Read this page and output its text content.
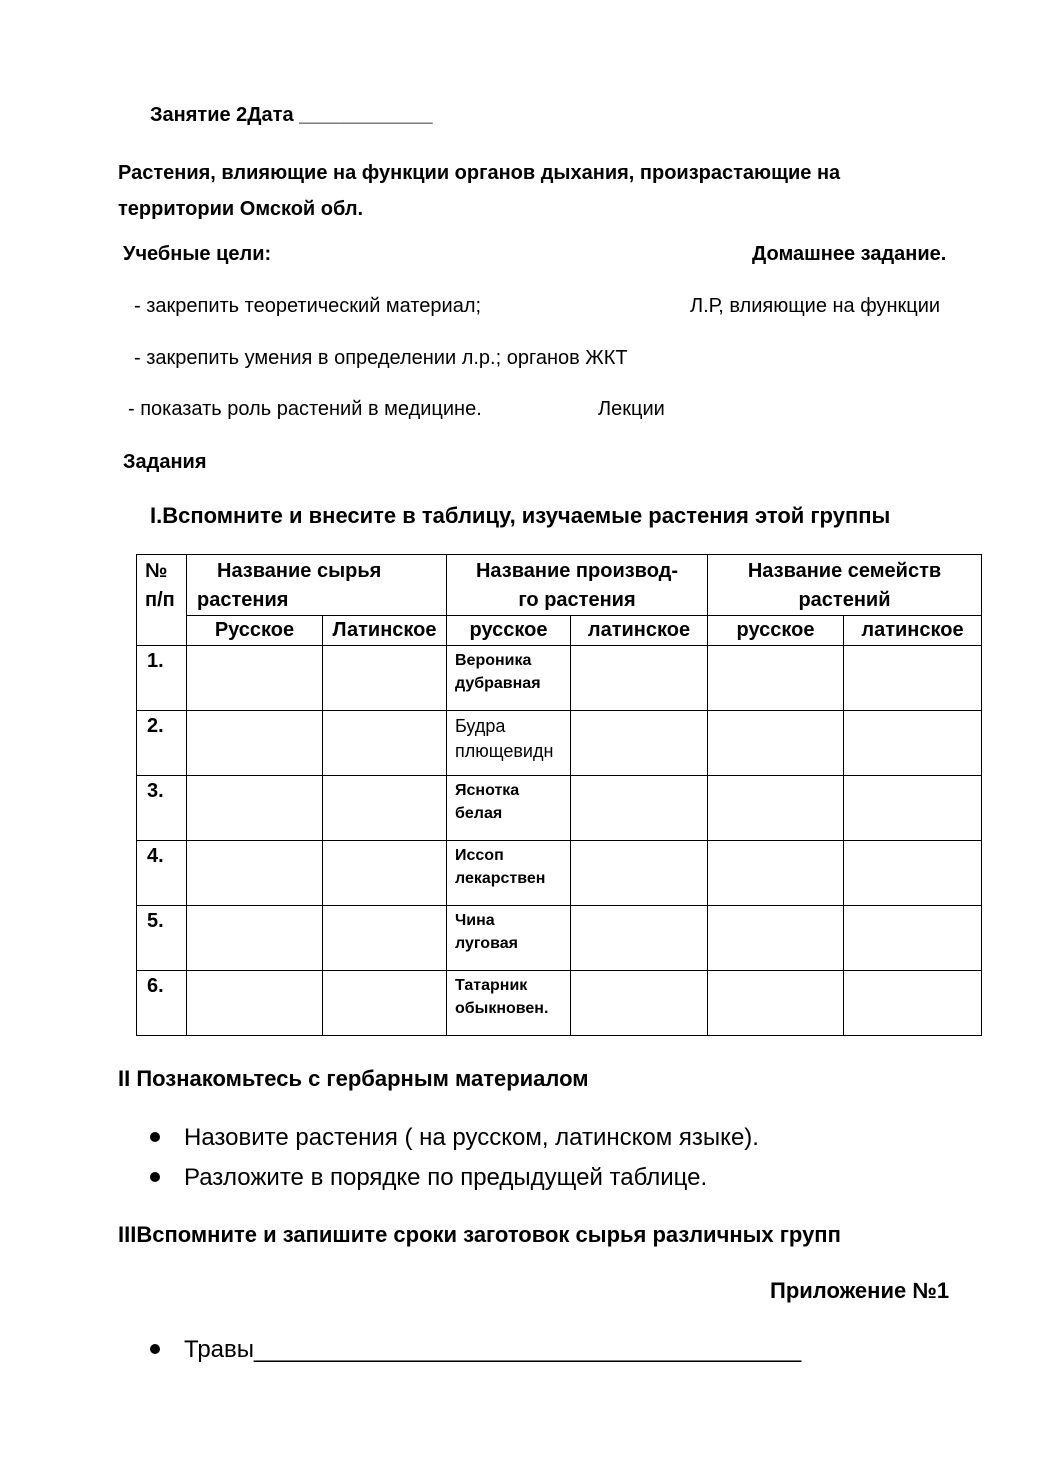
Занятие 2Дата ____________
Растения, влияющие на функции органов дыхания, произрастающие на территории Омской обл.
Учебные цели:	Домашнее задание.
- закрепить теоретический материал;	Л.Р, влияющие на функции
- закрепить умения в определении л.р.; органов ЖКТ
- показать роль растений в медицине.	Лекции
Задания
I.Вспомните и внесите в таблицу, изучаемые растения этой группы
№ п/п	Название сырья растения		Название производ-го растения		Название семейств растений	

	Русское	Латинское	русское	латинское	русское	латинское
1.			Вероника дубравная			

2.			Будра плющевидн			

3.			Яснотка белая			

4.			Иссоп лекарствен			

5.			Чина  луговая			

6.			Татарник обыкновен.			

II Познакомьтесь с гербарным материалом
Назовите растения ( на русском, латинском языке).
Разложите в порядке по предыдущей таблице.
IIIВспомните и запишите сроки заготовок сырья различных групп
Приложение №1
Травы_________________________________________
